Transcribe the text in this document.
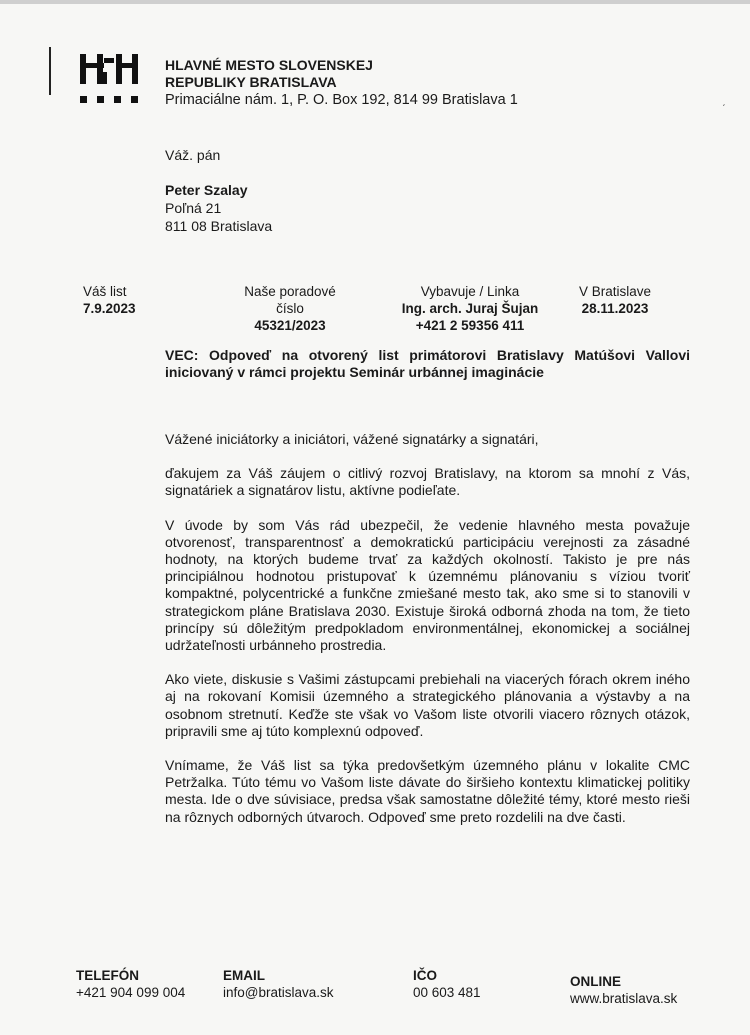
HLAVNÉ MESTO SLOVENSKEJ
REPUBLIKY BRATISLAVA
Primaciálne nám. 1, P. O. Box 192, 814 99 Bratislava 1	ˏ
Váž. pán
Peter Szalay
Poľná 21
811 08 Bratislava
Váš list
7.9.2023
Naše poradové číslo
45321/2023
Vybavuje / Linka
Ing. arch. Juraj Šujan
+421 2 59356 411
V Bratislave
28.11.2023
VEC: Odpoveď na otvorený list primátorovi Bratislavy Matúšovi Vallovi iniciovaný v rámci projektu Seminár urbánnej imaginácie

Vážené iniciátorky a iniciátori, vážené signatárky a signatári,

ďakujem za Váš záujem o citlivý rozvoj Bratislavy, na ktorom sa mnohí z Vás, signatáriek a signatárov listu, aktívne podieľate.

V úvode by som Vás rád ubezpečil, že vedenie hlavného mesta považuje otvorenosť, transparentnosť a demokratickú participáciu verejnosti za zásadné hodnoty, na ktorých budeme trvať za každých okolností. Takisto je pre nás principiálnou hodnotou pristupovať k územnému plánovaniu s víziou tvoriť kompaktné, polycentrické a funkčne zmiešané mesto tak, ako sme si to stanovili v strategickom pláne Bratislava 2030. Existuje široká odborná zhoda na tom, že tieto princípy sú dôležitým predpokladom environmentálnej, ekonomickej a sociálnej udržateľnosti urbánneho prostredia.

Ako viete, diskusie s Vašimi zástupcami prebiehali na viacerých fórach okrem iného aj na rokovaní Komisii územného a strategického plánovania a výstavby a na osobnom stretnutí. Keďže ste však vo Vašom liste otvorili viacero rôznych otázok, pripravili sme aj túto komplexnú odpoveď.

Vnímame, že Váš list sa týka predovšetkým územného plánu v lokalite CMC Petržalka. Túto tému vo Vašom liste dávate do širšieho kontextu klimatickej politiky mesta. Ide o dve súvisiace, predsa však samostatne dôležité témy, ktoré mesto rieši na rôznych odborných útvaroch. Odpoveď sme preto rozdelili na dve časti.

TELEFÓN
+421 904 099 004
EMAIL
info@bratislava.sk
IČO
00 603 481
ONLINE
www.bratislava.sk
